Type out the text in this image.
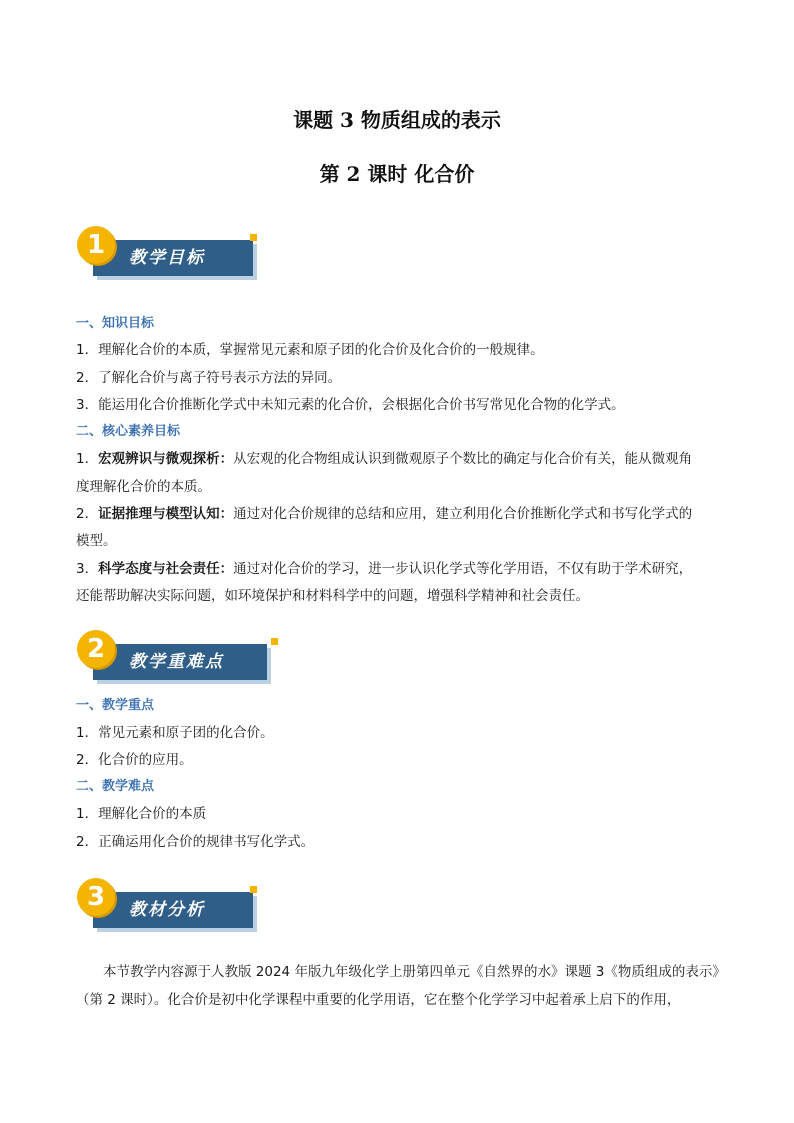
课题 3 物质组成的表示
第 2 课时 化合价
1	教学目标
一、知识目标
1．理解化合价的本质，掌握常见元素和原子团的化合价及化合价的一般规律。
2．了解化合价与离子符号表示方法的异同。
3．能运用化合价推断化学式中未知元素的化合价，会根据化合价书写常见化合物的化学式。
二、核心素养目标
1．宏观辨识与微观探析：从宏观的化合物组成认识到微观原子个数比的确定与化合价有关，能从微观角
度理解化合价的本质。
2．证据推理与模型认知：通过对化合价规律的总结和应用，建立利用化合价推断化学式和书写化学式的
模型。
3．科学态度与社会责任：通过对化合价的学习，进一步认识化学式等化学用语，不仅有助于学术研究，
还能帮助解决实际问题，如环境保护和材料科学中的问题，增强科学精神和社会责任。
2	教学重难点
一、教学重点
1．常见元素和原子团的化合价。
2．化合价的应用。
二、教学难点
1．理解化合价的本质
2．正确运用化合价的规律书写化学式。
3	教材分析
本节教学内容源于人教版 2024 年版九年级化学上册第四单元《自然界的水》课题 3《物质组成的表示》（第 2 课时）。化合价是初中化学课程中重要的化学用语，它在整个化学学习中起着承上启下的作用，
